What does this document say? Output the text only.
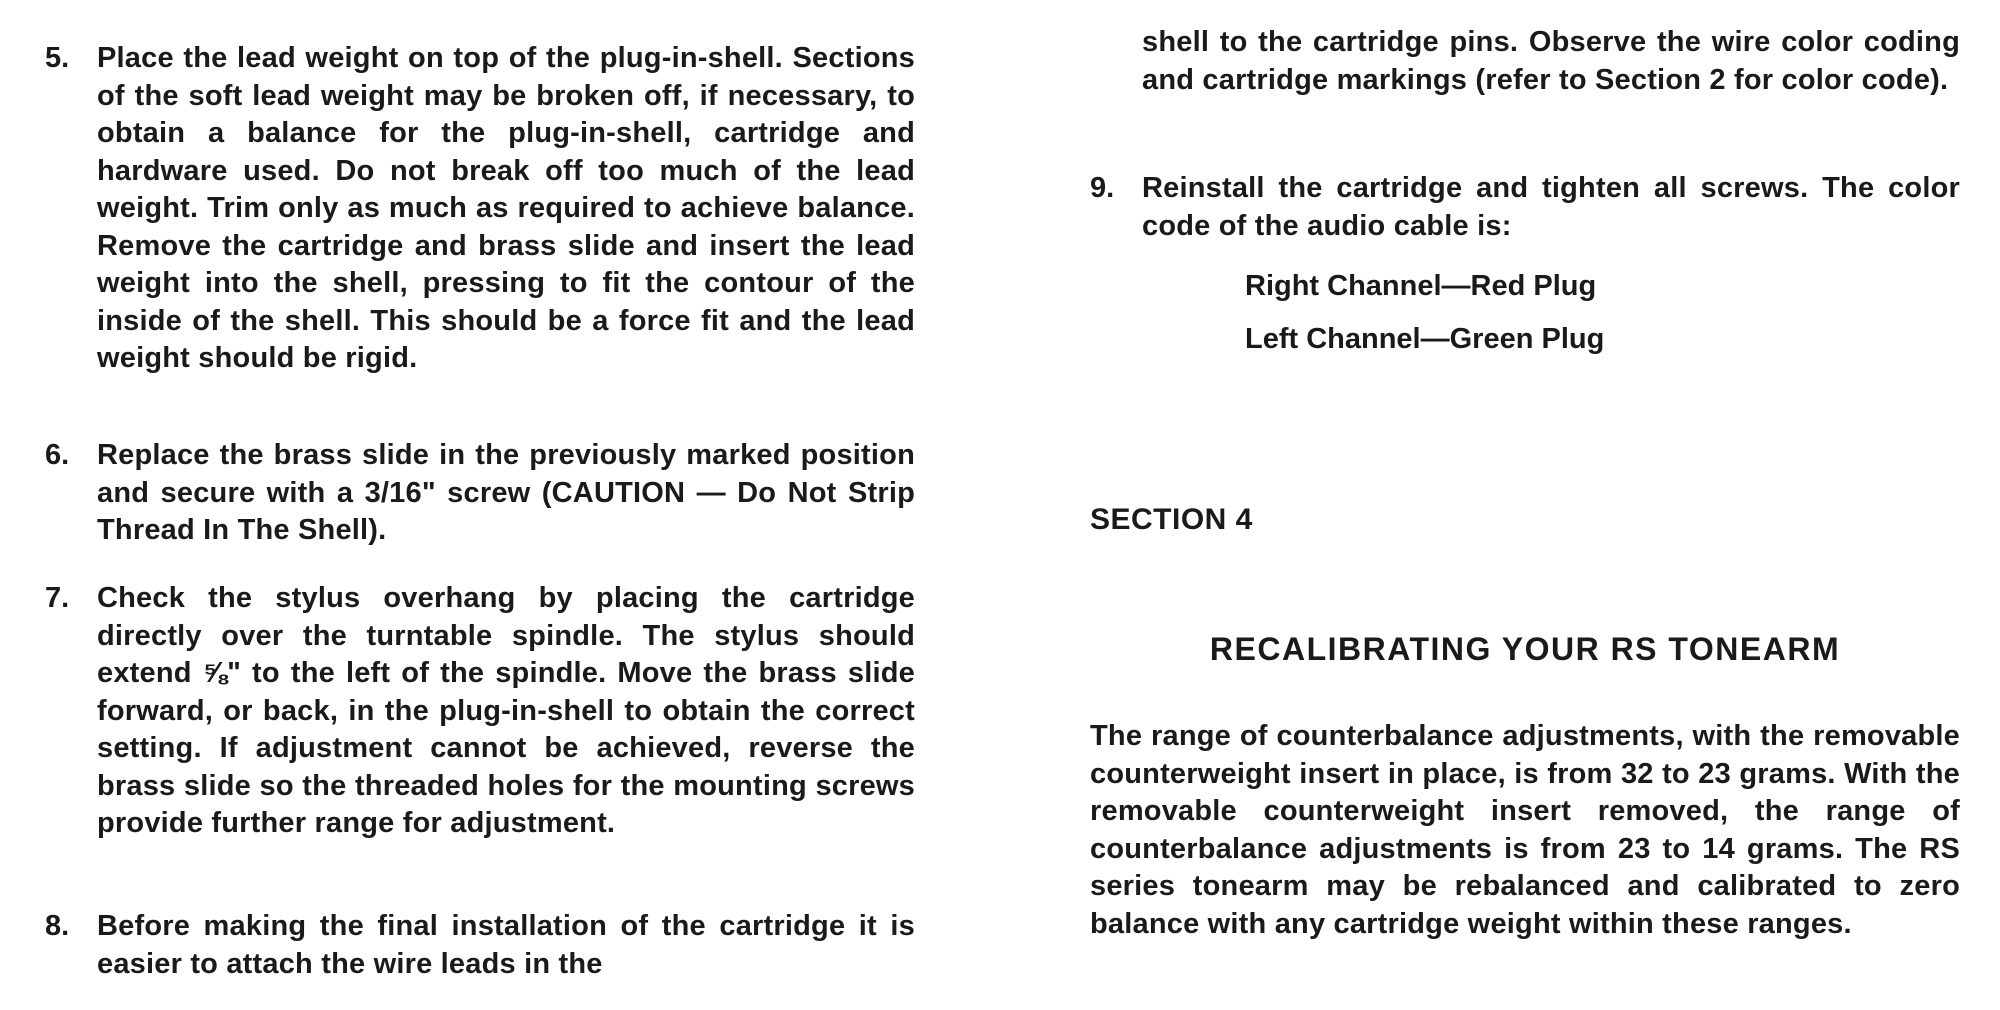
5. Place the lead weight on top of the plug-in-shell. Sections of the soft lead weight may be broken off, if necessary, to obtain a balance for the plug-in-shell, cartridge and hardware used. Do not break off too much of the lead weight. Trim only as much as required to achieve balance. Remove the cartridge and brass slide and insert the lead weight into the shell, pressing to fit the contour of the inside of the shell. This should be a force fit and the lead weight should be rigid.
6. Replace the brass slide in the previously marked position and secure with a 3/16" screw (CAUTION — Do Not Strip Thread In The Shell).
7. Check the stylus overhang by placing the cartridge directly over the turntable spindle. The stylus should extend ⅝" to the left of the spindle. Move the brass slide forward, or back, in the plug-in-shell to obtain the correct setting. If adjustment cannot be achieved, reverse the brass slide so the threaded holes for the mounting screws provide further range for adjustment.
8. Before making the final installation of the cartridge it is easier to attach the wire leads in the
shell to the cartridge pins. Observe the wire color coding and cartridge markings (refer to Section 2 for color code).
9. Reinstall the cartridge and tighten all screws. The color code of the audio cable is:
Right Channel—Red Plug
Left Channel—Green Plug
SECTION 4
RECALIBRATING YOUR RS TONEARM
The range of counterbalance adjustments, with the removable counterweight insert in place, is from 32 to 23 grams. With the removable counterweight insert removed, the range of counterbalance adjustments is from 23 to 14 grams. The RS series tonearm may be rebalanced and calibrated to zero balance with any cartridge weight within these ranges.
